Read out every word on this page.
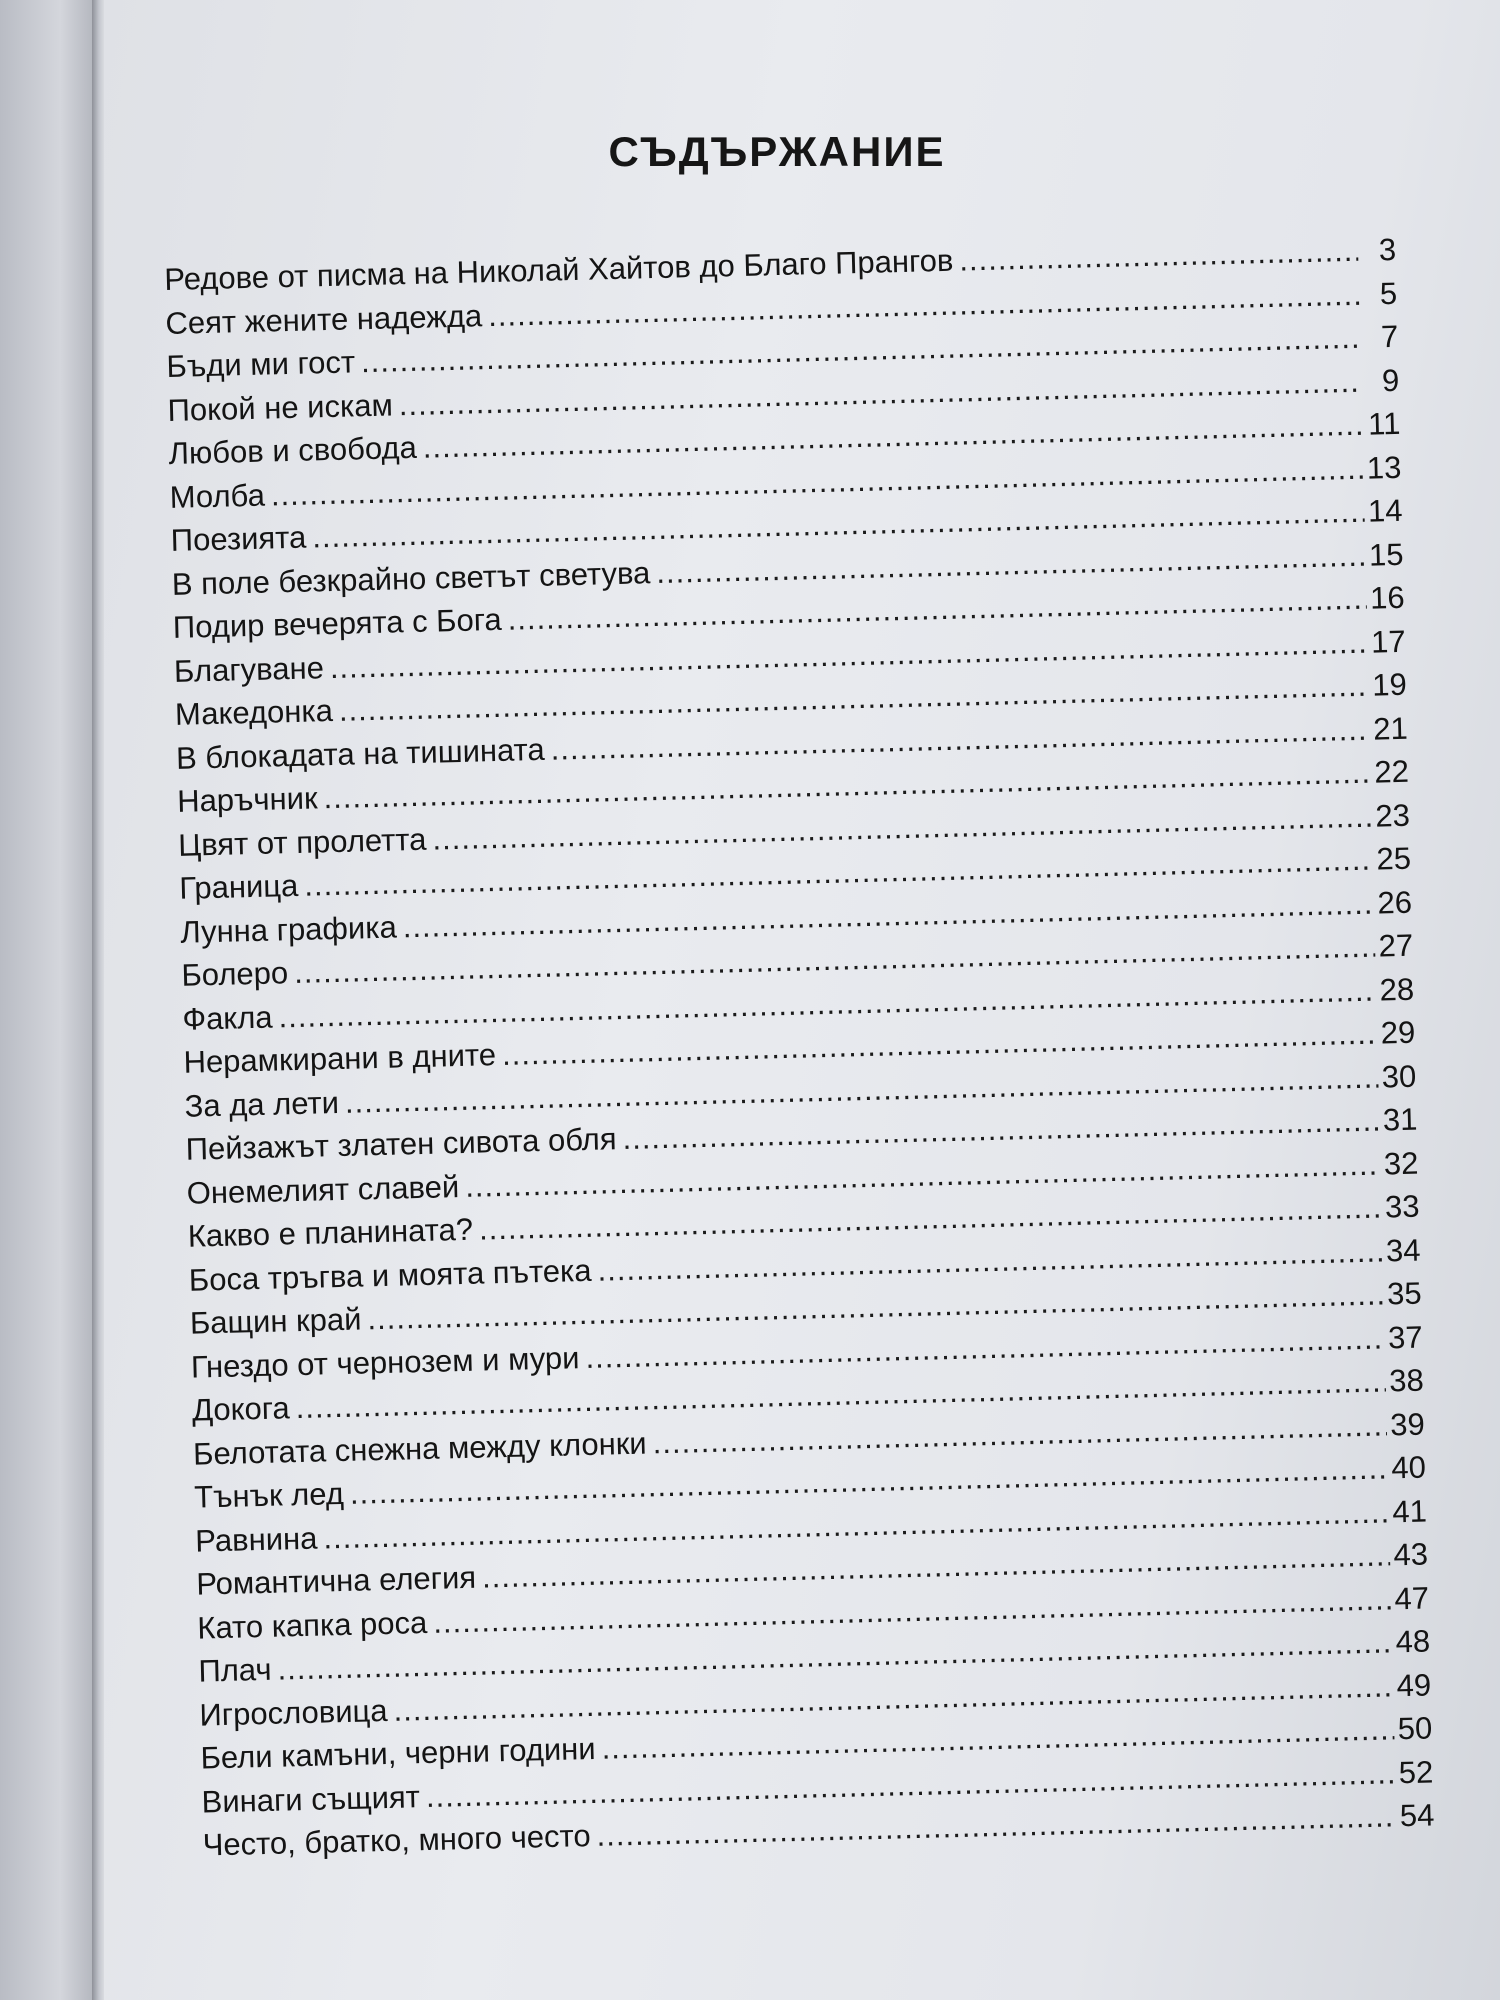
СЪДЪРЖАНИЕ
Редове от писма на Николай Хайтов до Благо Прангов
.....	3
Сеят жените надежда
.....
5
Бъди ми гост
.....
7
Покой не искам
.....
9
Любов и свобода
.....
11
Молба
.....
13
Поезията
.....
14
В поле безкрайно светът светува
.....
15
Подир вечерята с Бога
.....
16
Благуване
.....
17
Македонка
.....
19
В блокадата на тишината
.....
21
Наръчник
.....
22
Цвят от пролетта
.....
23
Граница
.....
25
Лунна графика
.....
26
Болеро
.....
27
Факла
.....
28
Нерамкирани в дните
.....
29
За да лети
.....
30
Пейзажът златен сивота обля
.....
31
Онемелият славей
.....
32
Какво е планината?
.....
33
Боса тръгва и моята пътека
.....
34
Бащин край
.....
35
Гнездо от чернозем и мури
.....
37
Докога
.....
38
Белотата снежна между клонки
.....
39
Тънък лед
.....
40
Равнина
.....
41
Романтична елегия
.....
43
Като капка роса
.....
47
Плач
.....
48
Игрословица
.....
49
Бели камъни, черни години
.....
50
Винаги същият
.....
52
Често, братко, много често
.....
54
